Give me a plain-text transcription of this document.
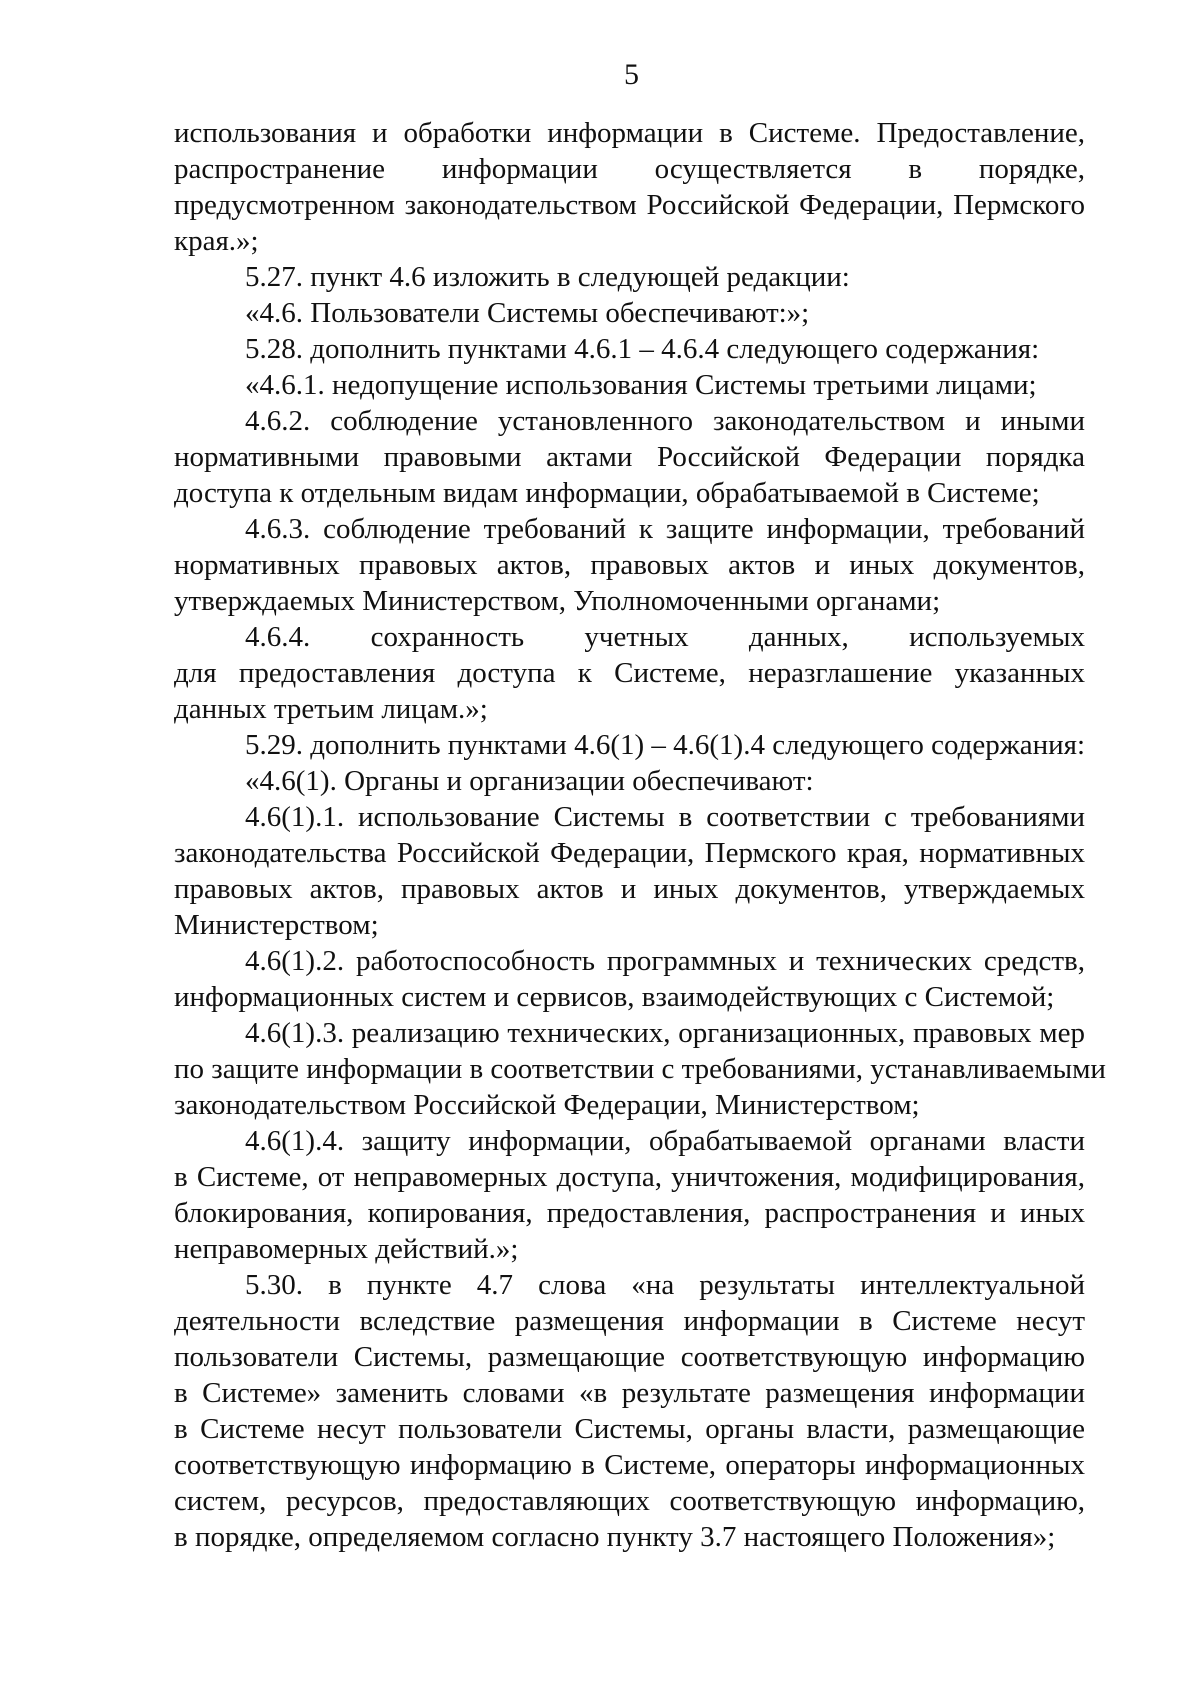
5
использования и обработки информации в Системе. Предоставление,
распространение информации осуществляется в порядке,
предусмотренном законодательством Российской Федерации, Пермского
края.»;
5.27. пункт 4.6 изложить в следующей редакции:
«4.6. Пользователи Системы обеспечивают:»;
5.28. дополнить пунктами 4.6.1 – 4.6.4 следующего содержания:
«4.6.1. недопущение использования Системы третьими лицами;
4.6.2. соблюдение установленного законодательством и иными
нормативными правовыми актами Российской Федерации порядка
доступа к отдельным видам информации, обрабатываемой в Системе;
4.6.3. соблюдение требований к защите информации, требований
нормативных правовых актов, правовых актов и иных документов,
утверждаемых Министерством, Уполномоченными органами;
4.6.4. сохранность учетных данных, используемых
для предоставления доступа к Системе, неразглашение указанных
данных третьим лицам.»;
5.29. дополнить пунктами 4.6(1) – 4.6(1).4 следующего содержания:
«4.6(1). Органы и организации обеспечивают:
4.6(1).1. использование Системы в соответствии с требованиями
законодательства Российской Федерации, Пермского края, нормативных
правовых актов, правовых актов и иных документов, утверждаемых
Министерством;
4.6(1).2. работоспособность программных и технических средств,
информационных систем и сервисов, взаимодействующих с Системой;
4.6(1).3. реализацию технических, организационных, правовых мер
по защите информации в соответствии с требованиями, устанавливаемыми
законодательством Российской Федерации, Министерством;
4.6(1).4. защиту информации, обрабатываемой органами власти
в Системе, от неправомерных доступа, уничтожения, модифицирования,
блокирования, копирования, предоставления, распространения и иных
неправомерных действий.»;
5.30. в пункте 4.7 слова «на результаты интеллектуальной
деятельности вследствие размещения информации в Системе несут
пользователи Системы, размещающие соответствующую информацию
в Системе» заменить словами «в результате размещения информации
в Системе несут пользователи Системы, органы власти, размещающие
соответствующую информацию в Системе, операторы информационных
систем, ресурсов, предоставляющих соответствующую информацию,
в порядке, определяемом согласно пункту 3.7 настоящего Положения»;
